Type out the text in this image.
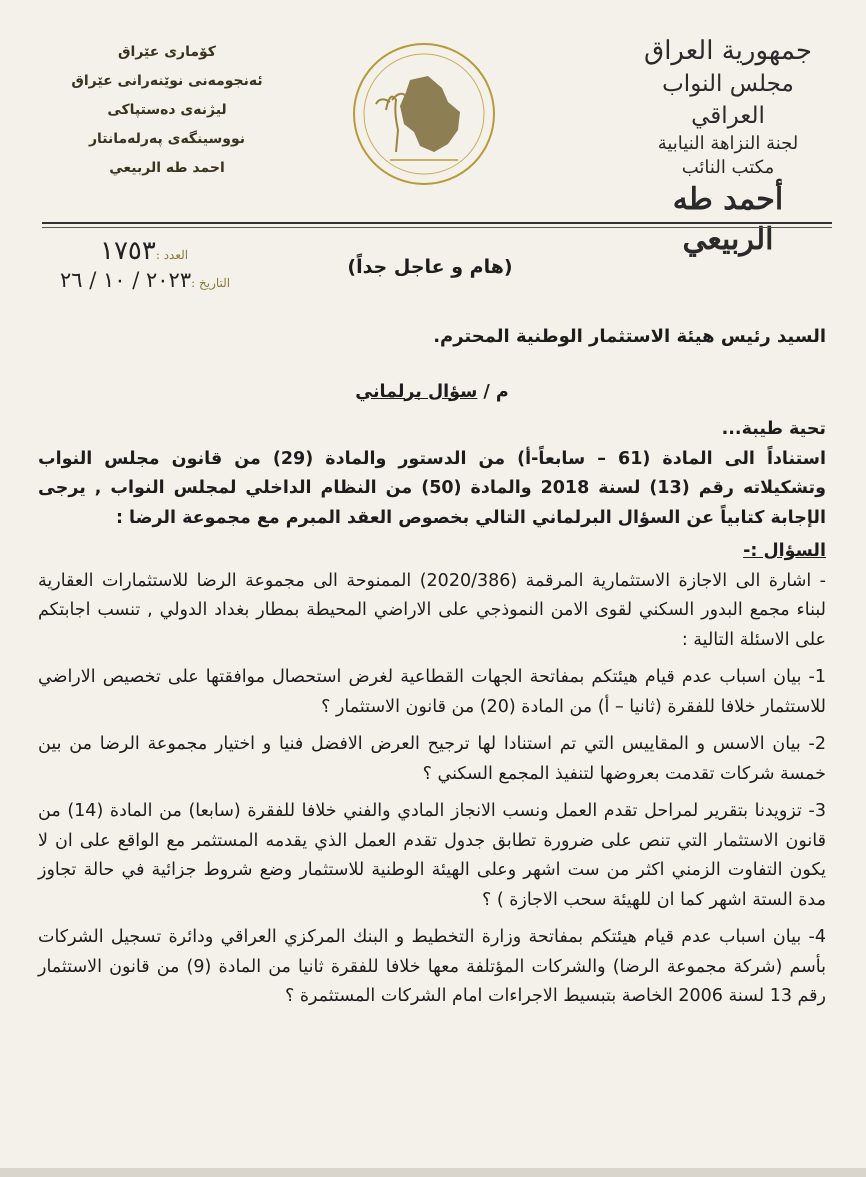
جمهورية العراق
مجلس النواب العراقي
لجنة النزاهة النيابية
مكتب النائب
أحمد طه الربيعي
كۆماری عێراق
ئەنجومەنی نوێنەرانی عێراق
لیژنەی دەستپاكی
نووسینگەی پەرلەمانتار
احمد طه الربيعي
العدد :١٧٥٣
التاريخ :٢٠٢٣ / ١٠ / ٢٦
(هام و عاجل جداً)

السيد رئيس هيئة الاستثمار الوطنية المحترم.

م / سؤال برلماني

تحية طيبة...

استناداً الى المادة (61 – سابعاً-أ) من الدستور والمادة (29) من قانون مجلس النواب وتشكيلاته رقم (13) لسنة 2018 والمادة (50) من النظام الداخلي لمجلس النواب , يرجى الإجابة كتابياً عن السؤال البرلماني التالي بخصوص العقد المبرم مع مجموعة الرضا :

السؤال :-

- اشارة الى الاجازة الاستثمارية المرقمة (2020/386) الممنوحة الى مجموعة الرضا للاستثمارات العقارية لبناء مجمع البدور السكني لقوى الامن النموذجي على الاراضي المحيطة بمطار بغداد الدولي , تنسب اجابتكم على الاسئلة التالية :

1- بيان اسباب عدم قيام هيئتكم بمفاتحة الجهات القطاعية لغرض استحصال موافقتها على تخصيص الاراضي للاستثمار خلافا للفقرة (ثانيا – أ) من المادة (20) من قانون الاستثمار ؟

2- بيان الاسس و المقاييس التي تم استنادا لها ترجيح العرض الافضل فنيا و اختيار مجموعة الرضا من بين خمسة شركات تقدمت بعروضها لتنفيذ المجمع السكني ؟

3- تزويدنا بتقرير لمراحل تقدم العمل ونسب الانجاز المادي والفني خلافا للفقرة (سابعا) من المادة (14) من قانون الاستثمار التي تنص على ضرورة تطابق جدول تقدم العمل الذي يقدمه المستثمر مع الواقع على ان لا يكون التفاوت الزمني اكثر من ست اشهر وعلى الهيئة الوطنية للاستثمار وضع شروط جزائية في حالة تجاوز مدة الستة اشهر كما ان للهيئة سحب الاجازة ) ؟

4- بيان اسباب عدم قيام هيئتكم بمفاتحة وزارة التخطيط و البنك المركزي العراقي ودائرة تسجيل الشركات بأسم (شركة مجموعة الرضا) والشركات المؤتلفة معها خلافا للفقرة ثانيا من المادة (9) من قانون الاستثمار رقم 13 لسنة 2006 الخاصة بتبسيط الاجراءات امام الشركات المستثمرة ؟
